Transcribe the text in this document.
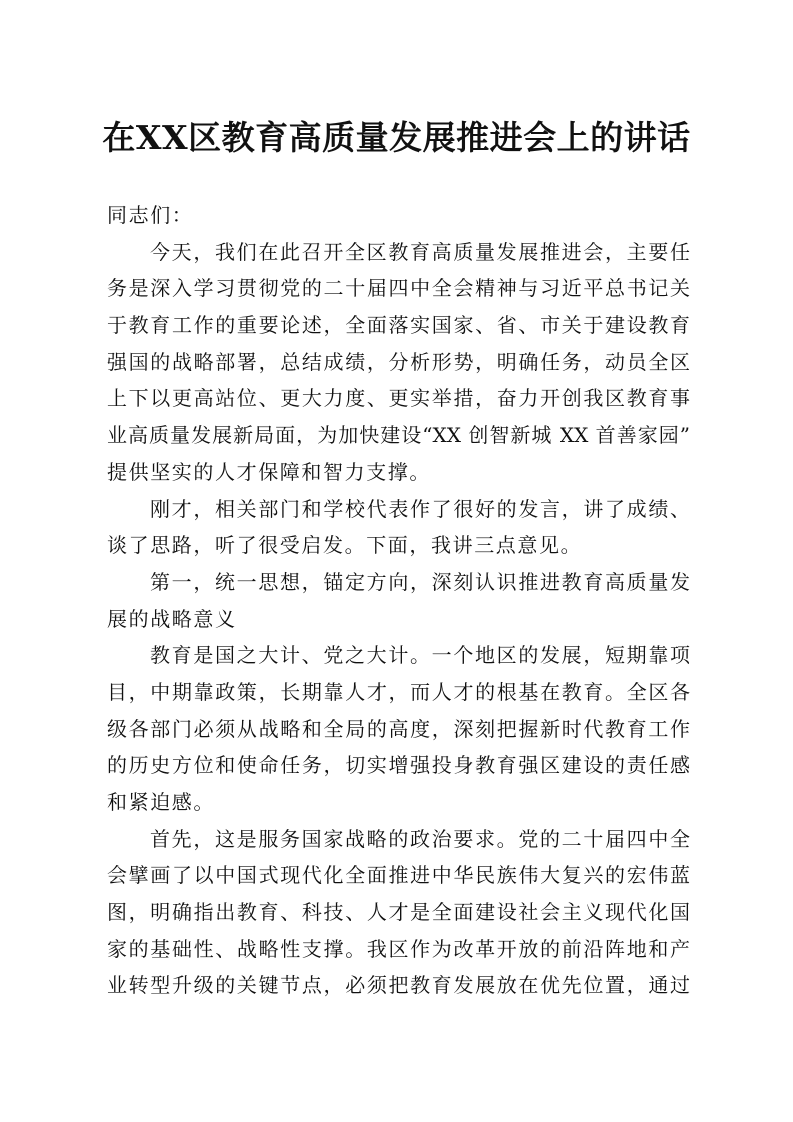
在XX区教育高质量发展推进会上的讲话
同志们：
今天，我们在此召开全区教育高质量发展推进会，主要任
务是深入学习贯彻党的二十届四中全会精神与习近平总书记关
于教育工作的重要论述，全面落实国家、省、市关于建设教育
强国的战略部署，总结成绩，分析形势，明确任务，动员全区
上下以更高站位、更大力度、更实举措，奋力开创我区教育事
业高质量发展新局面，为加快建设“XX 创智新城 XX 首善家园”
提供坚实的人才保障和智力支撑。
刚才，相关部门和学校代表作了很好的发言，讲了成绩、
谈了思路，听了很受启发。下面，我讲三点意见。
第一，统一思想，锚定方向，深刻认识推进教育高质量发
展的战略意义
教育是国之大计、党之大计。一个地区的发展，短期靠项
目，中期靠政策，长期靠人才，而人才的根基在教育。全区各
级各部门必须从战略和全局的高度，深刻把握新时代教育工作
的历史方位和使命任务，切实增强投身教育强区建设的责任感
和紧迫感。
首先，这是服务国家战略的政治要求。党的二十届四中全
会擘画了以中国式现代化全面推进中华民族伟大复兴的宏伟蓝
图，明确指出教育、科技、人才是全面建设社会主义现代化国
家的基础性、战略性支撑。我区作为改革开放的前沿阵地和产
业转型升级的关键节点，必须把教育发展放在优先位置，通过
